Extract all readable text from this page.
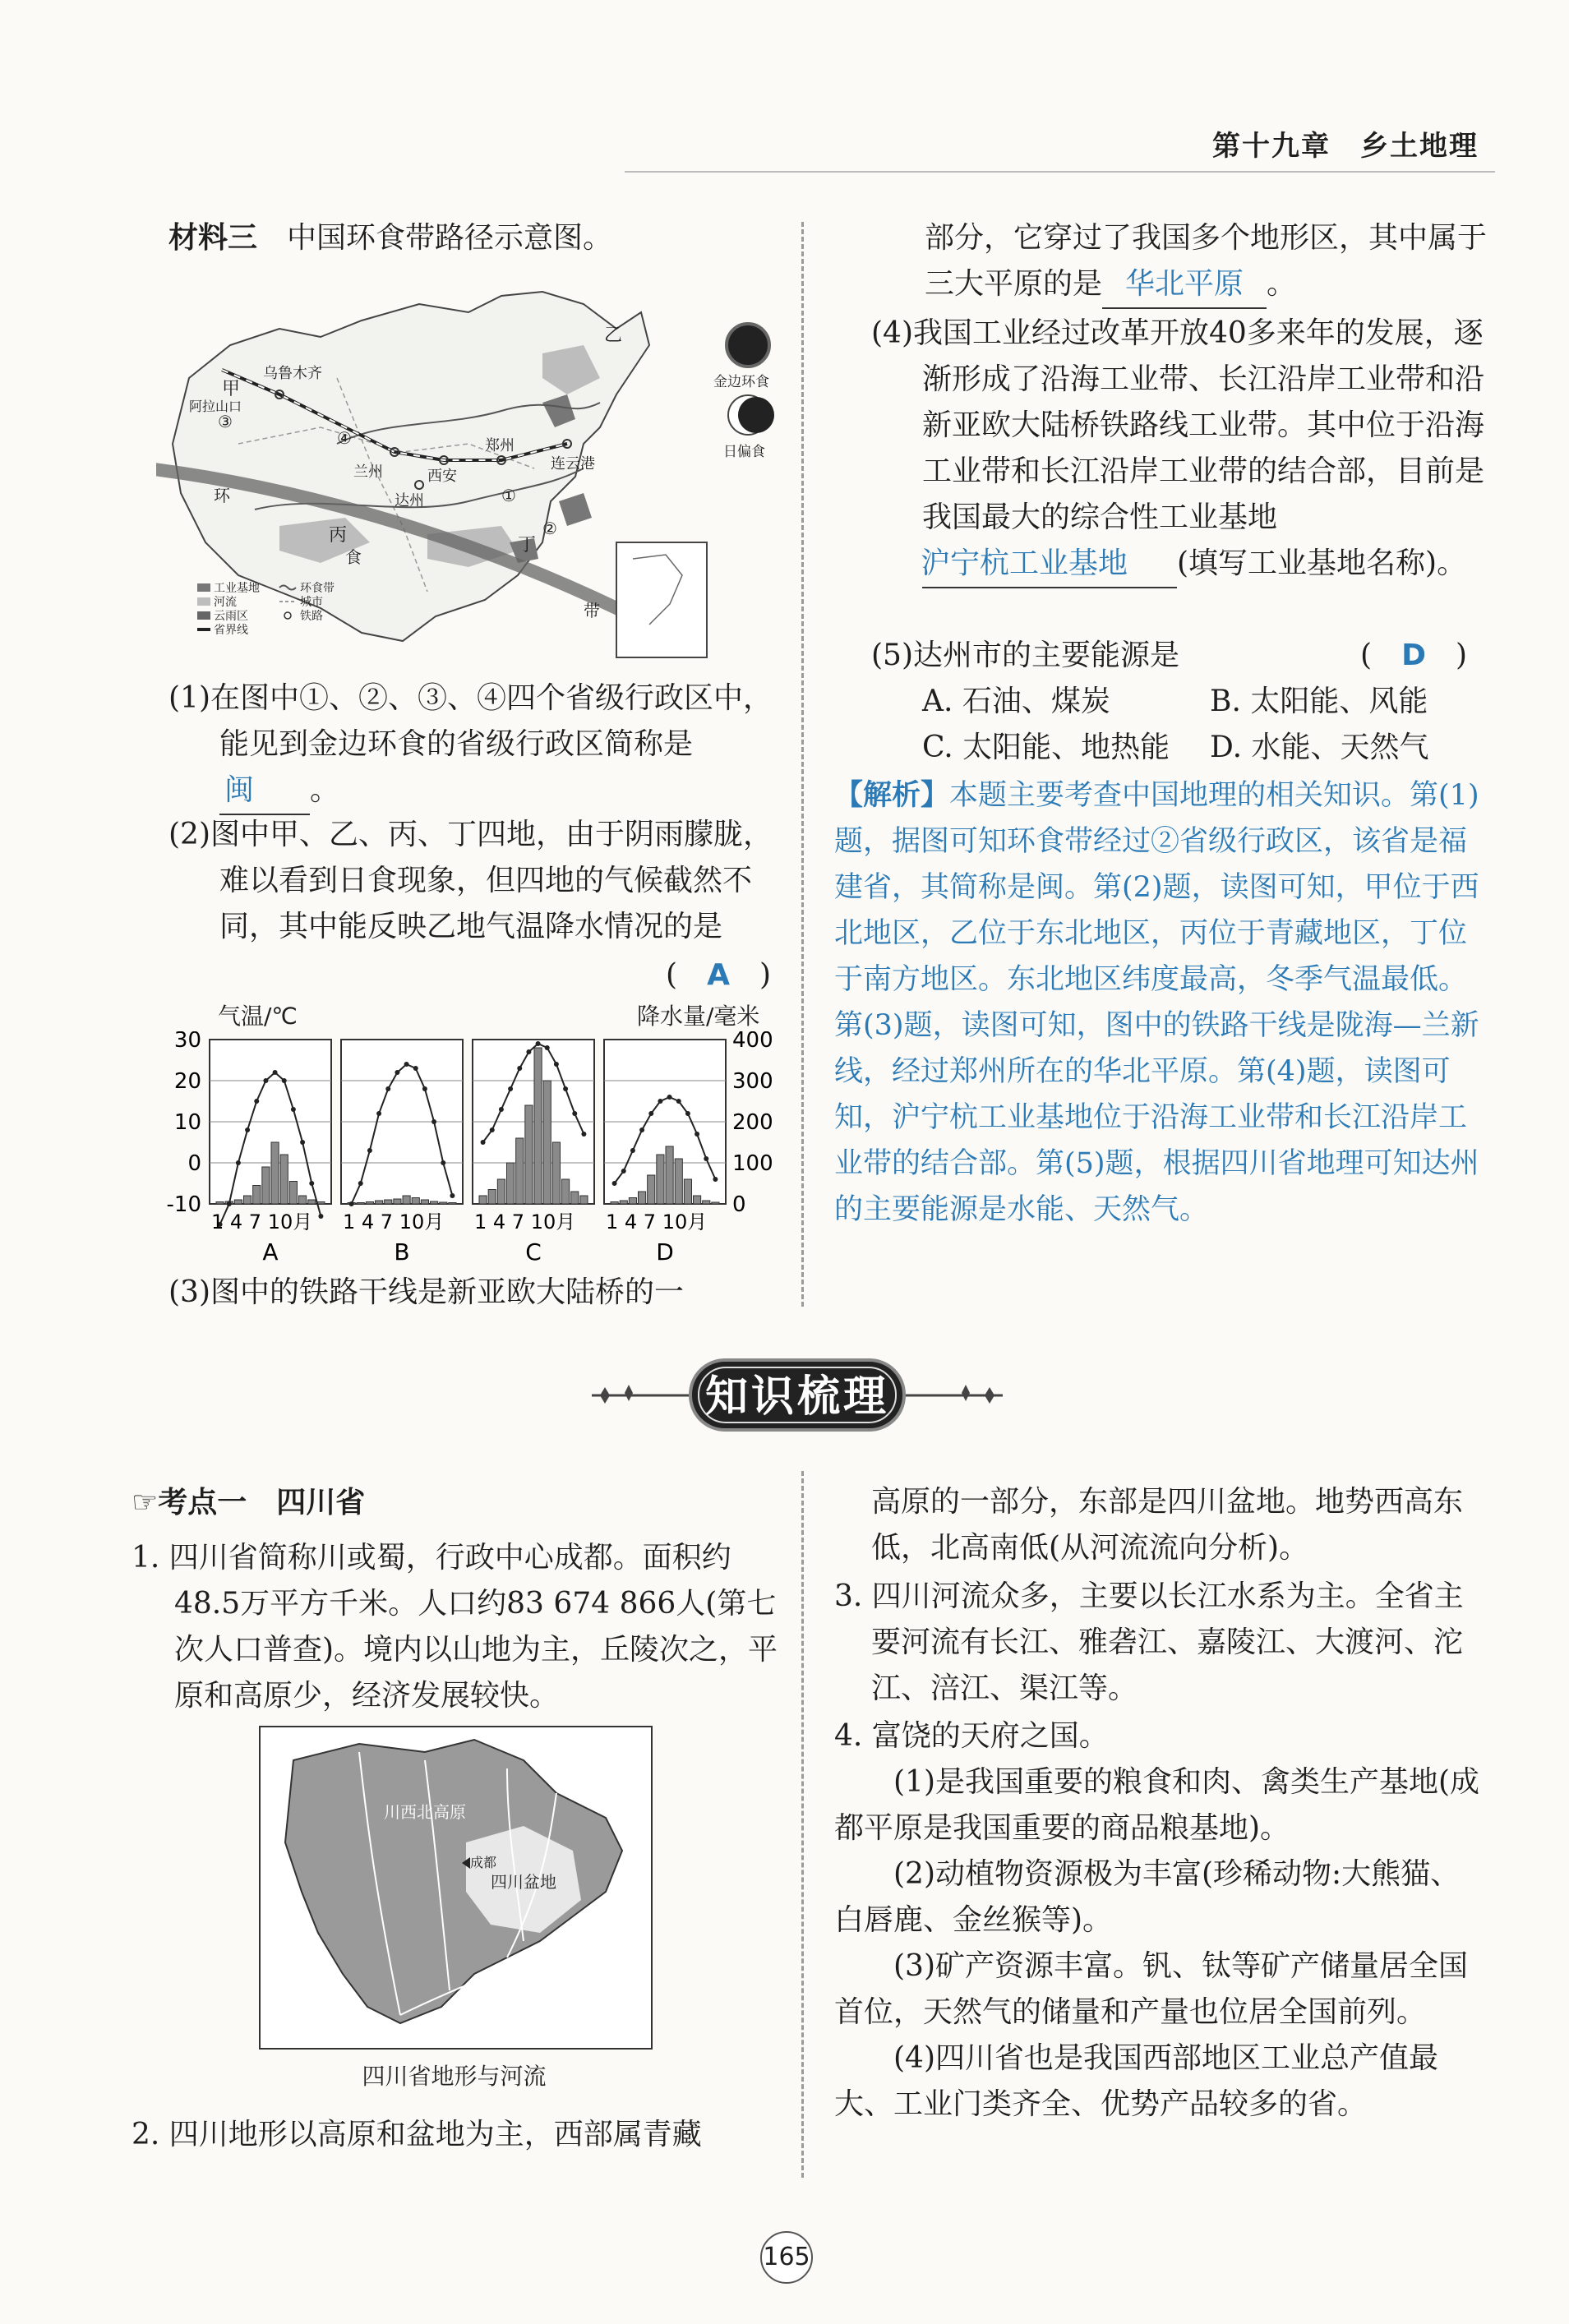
第十九章　 乡土地理

材料三　 中国环食带路径示意图。

乌鲁木齐
阿拉山口
甲
乙
丙	丁
兰州	西安
郑州
连云港
达州
环
食
带
①
②
③
④
金边环食
日偏食
工业基地
河流
云雨区
省界线
环食带
城市
铁路

(1)在图中①、②、③、④四个省级行政区中，能见到金边环食的省级行政区简称是闽 。

(2)图中甲、乙、丙、丁四地，由于阴雨朦胧，难以看到日食现象，但四地的气候截然不同，其中能反映乙地气温降水情况的是

(　 A　 )
气温/℃	降水量/毫米
30
20
10
0
-10
400
300
200
100
0
1 4 7 10月
A
1 4 7 10月
B
1 4 7 10月
C
1 4 7 10月
D

(3)图中的铁路干线是新亚欧大陆桥的一

部分，它穿过了我国多个地形区，其中属于三大平原的是 华北平原 。

(4)我国工业经过改革开放40多来年的发展，逐渐形成了沿海工业带、长江沿岸工业带和沿新亚欧大陆桥铁路线工业带。其中位于沿海工业带和长江沿岸工业带的结合部，目前是我国最大的综合性工业基地沪宁杭工业基地 (填写工业基地名称)。

(5)达州市的主要能源是	(　D　)

A. 石油、煤炭	B. 太阳能、风能
C. 太阳能、地热能	D. 水能、天然气

【解析】本题主要考查中国地理的相关知识。第(1)题，据图可知环食带经过②省级行政区，该省是福建省，其简称是闽。第(2)题，读图可知，甲位于西北地区，乙位于东北地区，丙位于青藏地区，丁位于南方地区。东北地区纬度最高，冬季气温最低。第(3)题，读图可知，图中的铁路干线是陇海—兰新线，经过郑州所在的华北平原。第(4)题，读图可知，沪宁杭工业基地位于沿海工业带和长江沿岸工业带的结合部。第(5)题，根据四川省地理可知达州的主要能源是水能、天然气。

知识梳理
☞考点一　四川省

1. 四川省简称川或蜀，行政中心成都。面积约48.5万平方千米。人口约83 674 866人(第七次人口普查)。境内以山地为主，丘陵次之，平原和高原少，经济发展较快。

川西北高原
四川盆地
成都
四川省地形与河流

2. 四川地形以高原和盆地为主，西部属青藏

高原的一部分，东部是四川盆地。地势西高东低，北高南低(从河流流向分析)。

3. 四川河流众多，主要以长江水系为主。全省主要河流有长江、雅砻江、嘉陵江、大渡河、沱江、涪江、渠江等。

4. 富饶的天府之国。

(1)是我国重要的粮食和肉、禽类生产基地(成都平原是我国重要的商品粮基地)。

(2)动植物资源极为丰富(珍稀动物:大熊猫、白唇鹿、金丝猴等)。

(3)矿产资源丰富。钒、钛等矿产储量居全国首位，天然气的储量和产量也位居全国前列。

(4)四川省也是我国西部地区工业总产值最大、工业门类齐全、优势产品较多的省。

165
